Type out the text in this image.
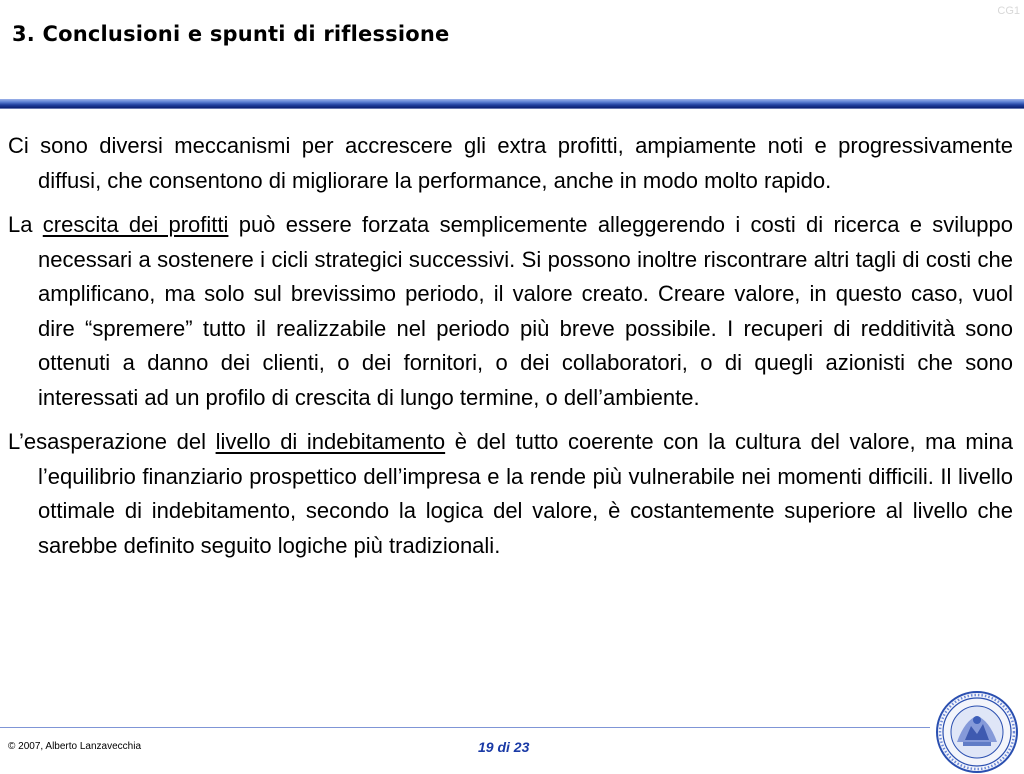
CG1
3. Conclusioni e spunti di riflessione

Ci sono diversi meccanismi per accrescere gli extra profitti, ampiamente noti e progressivamente diffusi, che consentono di migliorare la performance, anche in modo molto rapido.

La crescita dei profitti può essere forzata semplicemente alleggerendo i costi di ricerca e sviluppo necessari a sostenere i cicli strategici successivi. Si possono inoltre riscontrare altri tagli di costi che amplificano, ma solo sul brevissimo periodo, il valore creato. Creare valore, in questo caso, vuol dire “spremere” tutto il realizzabile nel periodo più breve possibile. I recuperi di redditività sono ottenuti a danno dei clienti, o dei fornitori, o dei collaboratori, o di quegli azionisti che sono interessati ad un profilo di crescita di lungo termine, o dell’ambiente.

L’esasperazione del livello di indebitamento è del tutto coerente con la cultura del valore, ma mina l’equilibrio finanziario prospettico dell’impresa e la rende più vulnerabile nei momenti difficili. Il livello ottimale di indebitamento, secondo la logica del valore, è costantemente superiore al livello che sarebbe definito seguito logiche più tradizionali.

© 2007, Alberto Lanzavecchia	19 di 23
